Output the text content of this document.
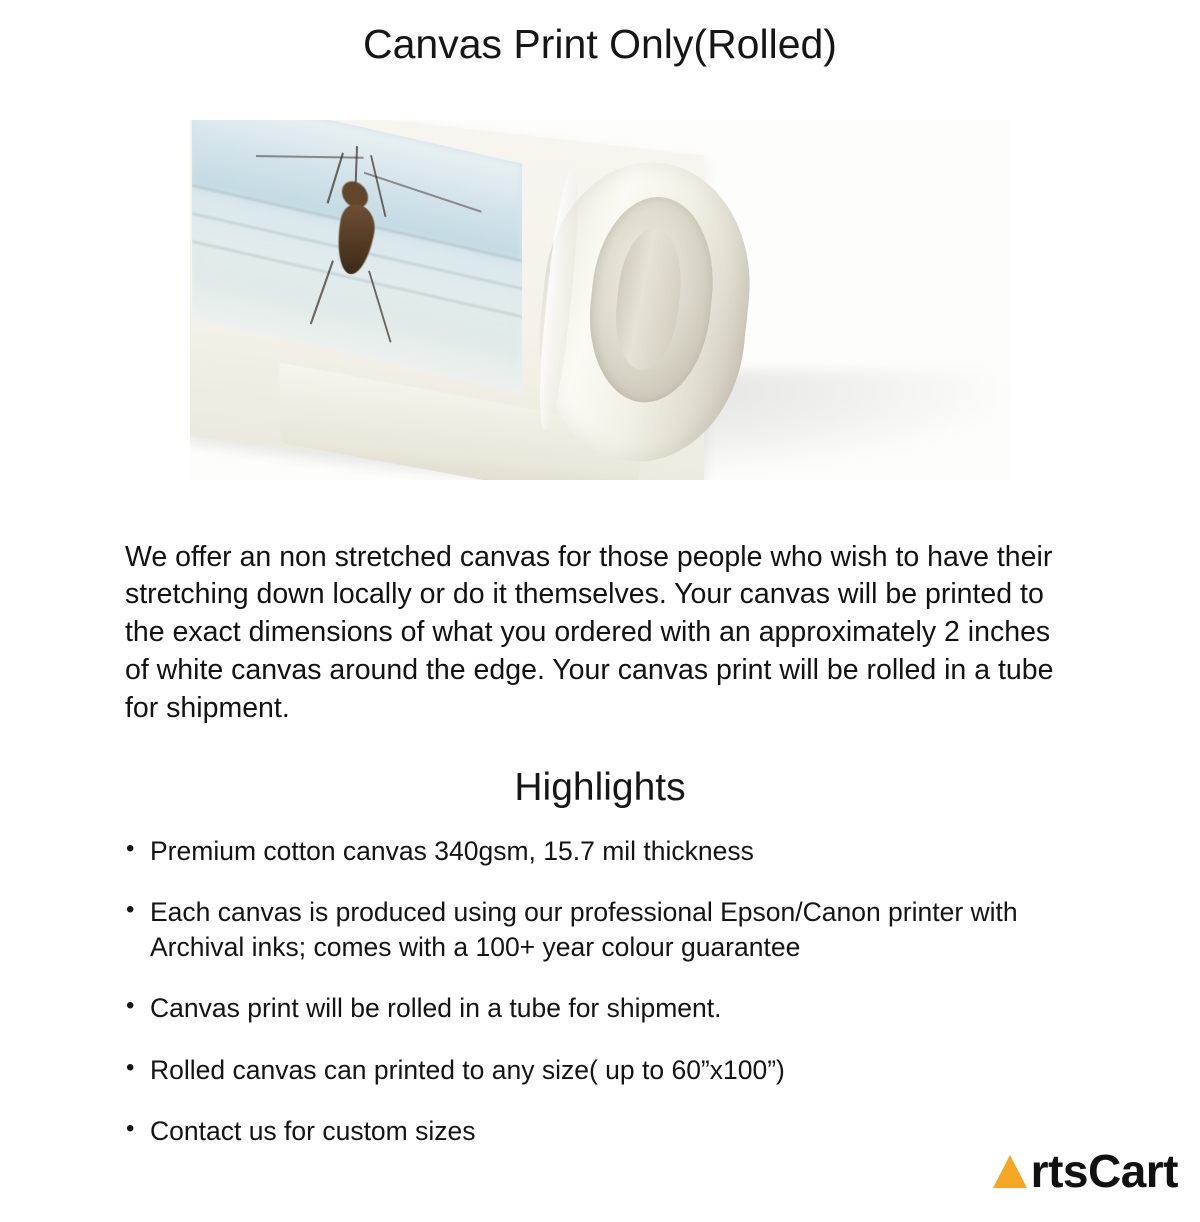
Canvas Print Only(Rolled)

We offer an non stretched canvas for those people who wish to have their stretching down locally or do it themselves. Your canvas will be printed to the exact dimensions of what you ordered with an approximately 2 inches of white canvas around the edge. Your canvas print will be rolled in a tube for shipment.

Highlights
• Premium cotton canvas 340gsm, 15.7 mil thickness
• Each canvas is produced using our professional Epson/Canon printer with Archival inks; comes with a 100+ year colour guarantee
• Canvas print will be rolled in a tube for shipment.
• Rolled canvas can printed to any size( up to 60”x100”)
• Contact us for custom sizes
rtsCart
